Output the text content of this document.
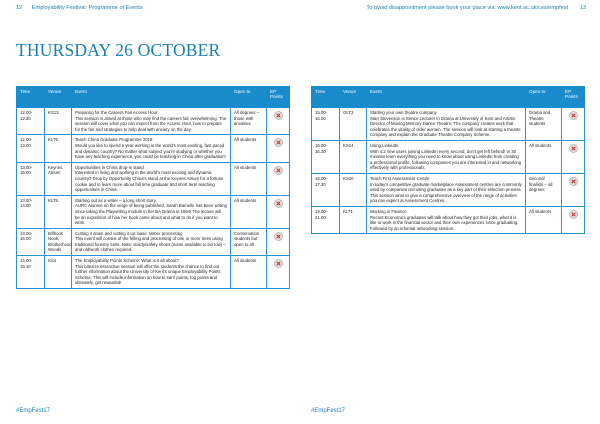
12 Employability Festival: Programme of Events	To avoid disappointment please book your place via: www.kent.ac.uk/ces/empfest 13
THURSDAY 26 OCTOBER
Time	Venue	Event	Open to	EP Points
12.00-12.30	KS13	Preparing for the Careers Fair Access Hour
This session is aimed at those who may find the careers fair overwhelming. The session will cover what you can expect from the Access Hour, how to prepare for the fair and strategies to help deal with anxiety on the day.	All degrees – those with anxieties	
12.00-13.00	KLT5	Teach China Graduate Programme 2018
Would you like to spend a year working in the world's most exciting, fast paced and dynamic country? No matter what subject you're studying or whether you have any teaching experience, you could be teaching in China after graduation!	All students	
13.00-16.00	Keynes Atrium	Opportunities in China drop-in stand
Interested in living and working in the world's most exciting and dynamic country? Drop by Opportunity China's stand at the Keynes Atrium for a fortune cookie and to learn more about full time graduate and short term teaching opportunities in China.	All students	
13.00-14.00	KLT5	Starting out as a writer – a long short story
AURC Alumna on the verge of being published, Sarah Bamelle has been writing since taking the Playwriting module in her BA Drama in 1994! The lecture will be an exposition of how her book came about and what to do if you want to write.	All students	
13.00-16.00	Billhook Nook, Brotherhood Woods	Cutting it down and cutting it up: basic timber processing
This event will consist of the felling and processing of one or more trees using traditional forestry tools. Note: sturdy/safety shoes (some available to borrow) – and old/work clothes required.	Conservation students but open to all	
14.00-15.10	KS4	The Employability Points Scheme: What is it all about?
This bitesize interactive session will offer the students the chance to find out further information about the University of Kent's unique Employability Points Scheme. This will include information on how to earn points, log points and ultimately, get rewarded!	All students	
Time	Venue	Event	Open to	EP Points
15.00-16.00	GLT3	Starting your own theatre company
Stan Stevenson is Senior Lecturer in Drama at University of Kent and Artistic Director of Moving Memory Dance Theatre. The company creates work that celebrates the vitality of older women. The session will look at starting a theatre company and explain the Graduate Theatre Company Scheme.	Drama and Theatre students	
16.00-16.30	KS14	Using LinkedIn
With 4.2 new users joining LinkedIn every second, don't get left behind! In 30 minutes learn everything you need to know about using LinkedIn from creating a professional profile, following companies you are interested in and networking effectively with professionals.	All students	
16.00-17.30	KS20	Teach First Assessment Centre
In today's competitive graduate marketplace Assessment centres are commonly used by companies recruiting graduates as a key part of their selection process. This session aims to give a comprehensive overview of the range of activities you can expect at Assessment Centres.	Second/ finalists – all degrees	
19.00-21.00	KLT1	Working in Finance
Recent Economics graduates will talk about how they got their jobs, what it is like to work in the financial sector and their own experiences since graduating. Followed by an informal networking session.	All students	
#EmpFest17	#EmpFest17
